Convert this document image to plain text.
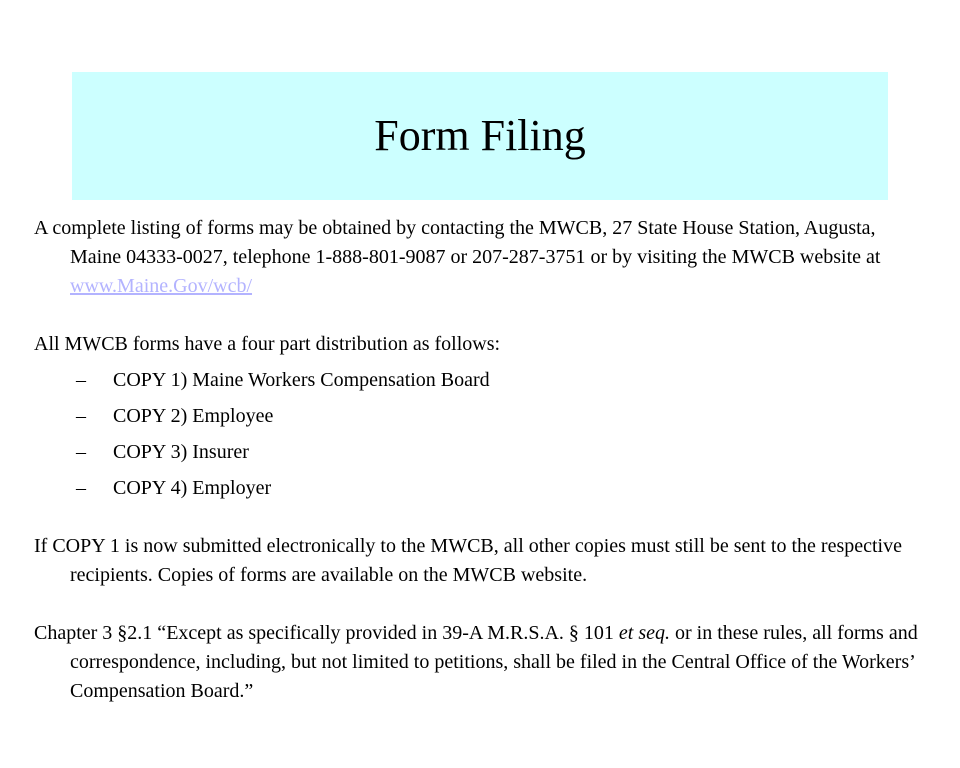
Form Filing

A complete listing of forms may be obtained by contacting the MWCB, 27 State House Station, Augusta, Maine 04333-0027, telephone 1-888-801-9087 or 207-287-3751 or by visiting the MWCB website at www.Maine.Gov/wcb/

All MWCB forms have a four part distribution as follows:

–	COPY 1) Maine Workers Compensation Board
–	COPY 2) Employee
–	COPY 3) Insurer
–	COPY 4) Employer

If COPY 1 is now submitted electronically to the MWCB, all other copies must still be sent to the respective recipients. Copies of forms are available on the MWCB website.

Chapter 3 §2.1 “Except as specifically provided in 39-A M.R.S.A. § 101 et seq. or in these rules, all forms and correspondence, including, but not limited to petitions, shall be filed in the Central Office of the Workers’ Compensation Board.”
